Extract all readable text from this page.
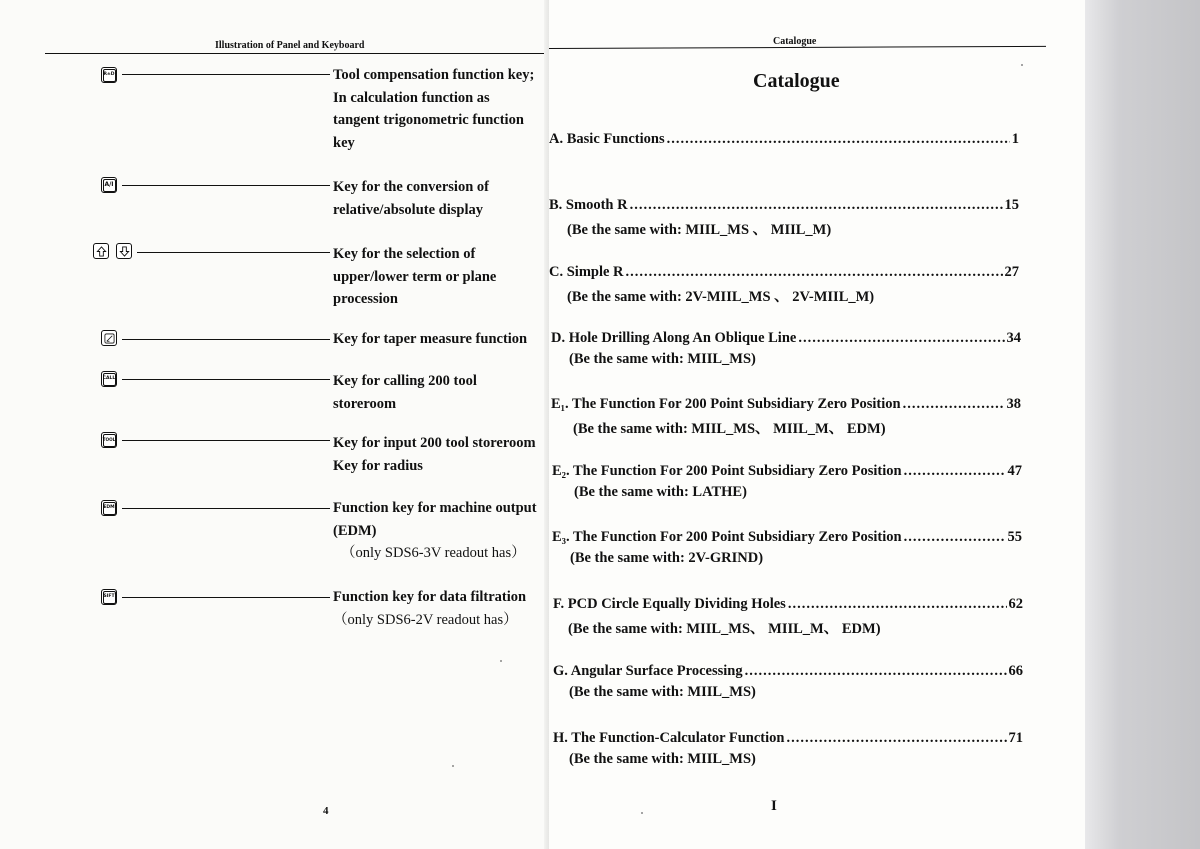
Illustration of Panel and Keyboard
R±D	Tool compensation function key;
In calculation function as
tangent trigonometric function
key
A/I	Key for the conversion of
relative/absolute display
Key for the selection of
upper/lower term or plane
procession
Key for taper measure function
CALL	Key for calling 200 tool
storeroom
TOOL	Key for input 200 tool storeroom
Key for radius
EDM	Function key for machine output
(EDM)
（only SDS6-3V readout has）
SIFT	Function key for data filtration
（only SDS6-2V readout has）
4
Catalogue
I
Catalogue
A. Basic Functions .....	1
B. Smooth R .....	15
(Be the same with: MIIL_MS 、 MIIL_M)
C. Simple R .....	27
(Be the same with: 2V-MIIL_MS 、 2V-MIIL_M)
D. Hole Drilling Along An Oblique Line .....	34
(Be the same with: MIIL_MS)
E₁. The Function For 200 Point Subsidiary Zero Position .....	38
(Be the same with: MIIL_MS、 MIIL_M、 EDM)
E₂. The Function For 200 Point Subsidiary Zero Position .....	47
(Be the same with: LATHE)
E₃. The Function For 200 Point Subsidiary Zero Position .....	55
(Be the same with: 2V-GRIND)
F. PCD Circle Equally Dividing Holes .....	62
(Be the same with: MIIL_MS、 MIIL_M、 EDM)
G. Angular Surface Processing .....	66
(Be the same with: MIIL_MS)
H. The Function-Calculator Function .....	71
(Be the same with: MIIL_MS)
